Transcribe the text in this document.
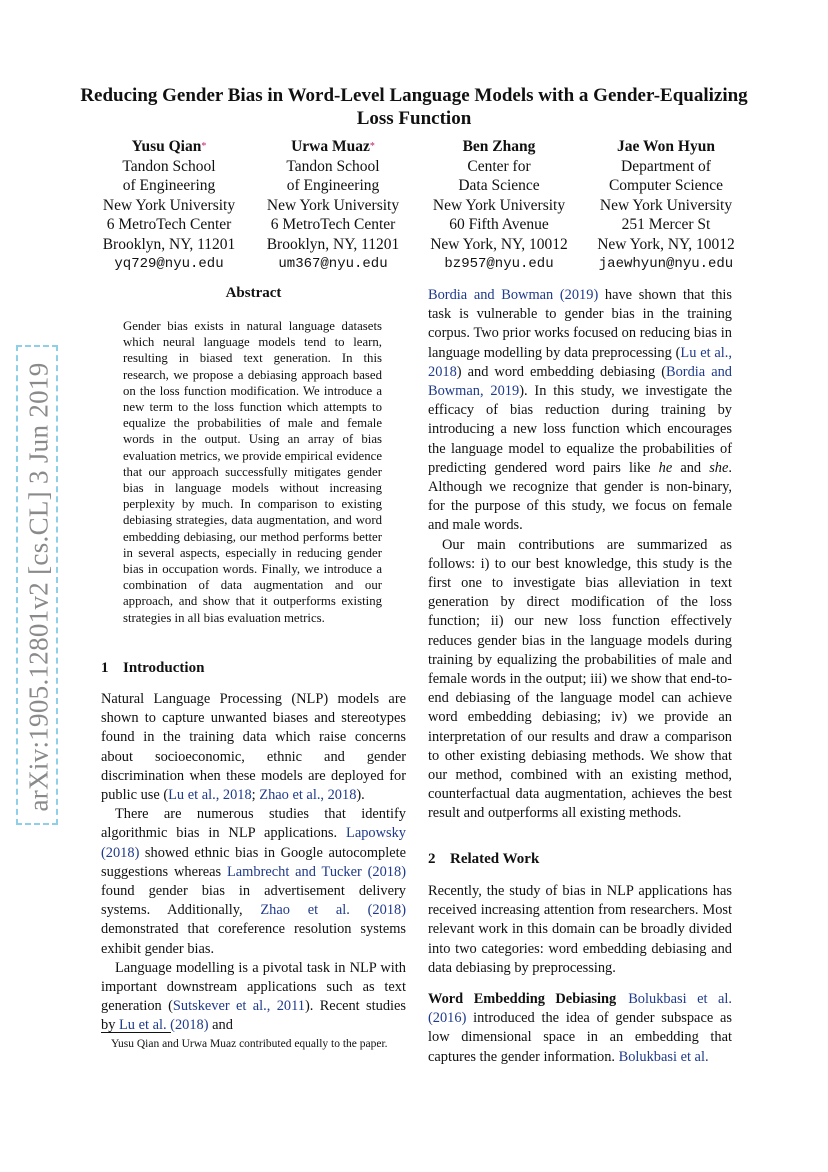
arXiv:1905.12801v2 [cs.CL] 3 Jun 2019
Reducing Gender Bias in Word-Level Language Models with a Gender-Equalizing Loss Function
Yusu Qian*
Tandon School
of Engineering
New York University
6 MetroTech Center
Brooklyn, NY, 11201
yq729@nyu.edu
Urwa Muaz*
Tandon School
of Engineering
New York University
6 MetroTech Center
Brooklyn, NY, 11201
um367@nyu.edu
Ben Zhang
Center for
Data Science
New York University
60 Fifth Avenue
New York, NY, 10012
bz957@nyu.edu
Jae Won Hyun
Department of
Computer Science
New York University
251 Mercer St
New York, NY, 10012
jaewhyun@nyu.edu
Abstract
Gender bias exists in natural language datasets which neural language models tend to learn, resulting in biased text generation. In this research, we propose a debiasing approach based on the loss function modification. We introduce a new term to the loss function which attempts to equalize the probabilities of male and female words in the output. Using an array of bias evaluation metrics, we provide empirical evidence that our approach successfully mitigates gender bias in language models without increasing perplexity by much. In comparison to existing debiasing strategies, data augmentation, and word embedding debiasing, our method performs better in several aspects, especially in reducing gender bias in occupation words. Finally, we introduce a combination of data augmentation and our approach, and show that it outperforms existing strategies in all bias evaluation metrics.
1 Introduction

Natural Language Processing (NLP) models are shown to capture unwanted biases and stereotypes found in the training data which raise concerns about socioeconomic, ethnic and gender discrimination when these models are deployed for public use (Lu et al., 2018; Zhao et al., 2018).

There are numerous studies that identify algorithmic bias in NLP applications. Lapowsky (2018) showed ethnic bias in Google autocomplete suggestions whereas Lambrecht and Tucker (2018) found gender bias in advertisement delivery systems. Additionally, Zhao et al. (2018) demonstrated that coreference resolution systems exhibit gender bias.

Language modelling is a pivotal task in NLP with important downstream applications such as text generation (Sutskever et al., 2011). Recent studies by Lu et al. (2018) and

Yusu Qian and Urwa Muaz contributed equally to the paper.

Bordia and Bowman (2019) have shown that this task is vulnerable to gender bias in the training corpus. Two prior works focused on reducing bias in language modelling by data preprocessing (Lu et al., 2018) and word embedding debiasing (Bordia and Bowman, 2019). In this study, we investigate the efficacy of bias reduction during training by introducing a new loss function which encourages the language model to equalize the probabilities of predicting gendered word pairs like he and she. Although we recognize that gender is non-binary, for the purpose of this study, we focus on female and male words.

Our main contributions are summarized as follows: i) to our best knowledge, this study is the first one to investigate bias alleviation in text generation by direct modification of the loss function; ii) our new loss function effectively reduces gender bias in the language models during training by equalizing the probabilities of male and female words in the output; iii) we show that end-to-end debiasing of the language model can achieve word embedding debiasing; iv) we provide an interpretation of our results and draw a comparison to other existing debiasing methods. We show that our method, combined with an existing method, counterfactual data augmentation, achieves the best result and outperforms all existing methods.

2 Related Work

Recently, the study of bias in NLP applications has received increasing attention from researchers. Most relevant work in this domain can be broadly divided into two categories: word embedding debiasing and data debiasing by preprocessing.

Word Embedding Debiasing Bolukbasi et al. (2016) introduced the idea of gender subspace as low dimensional space in an embedding that captures the gender information. Bolukbasi et al.
